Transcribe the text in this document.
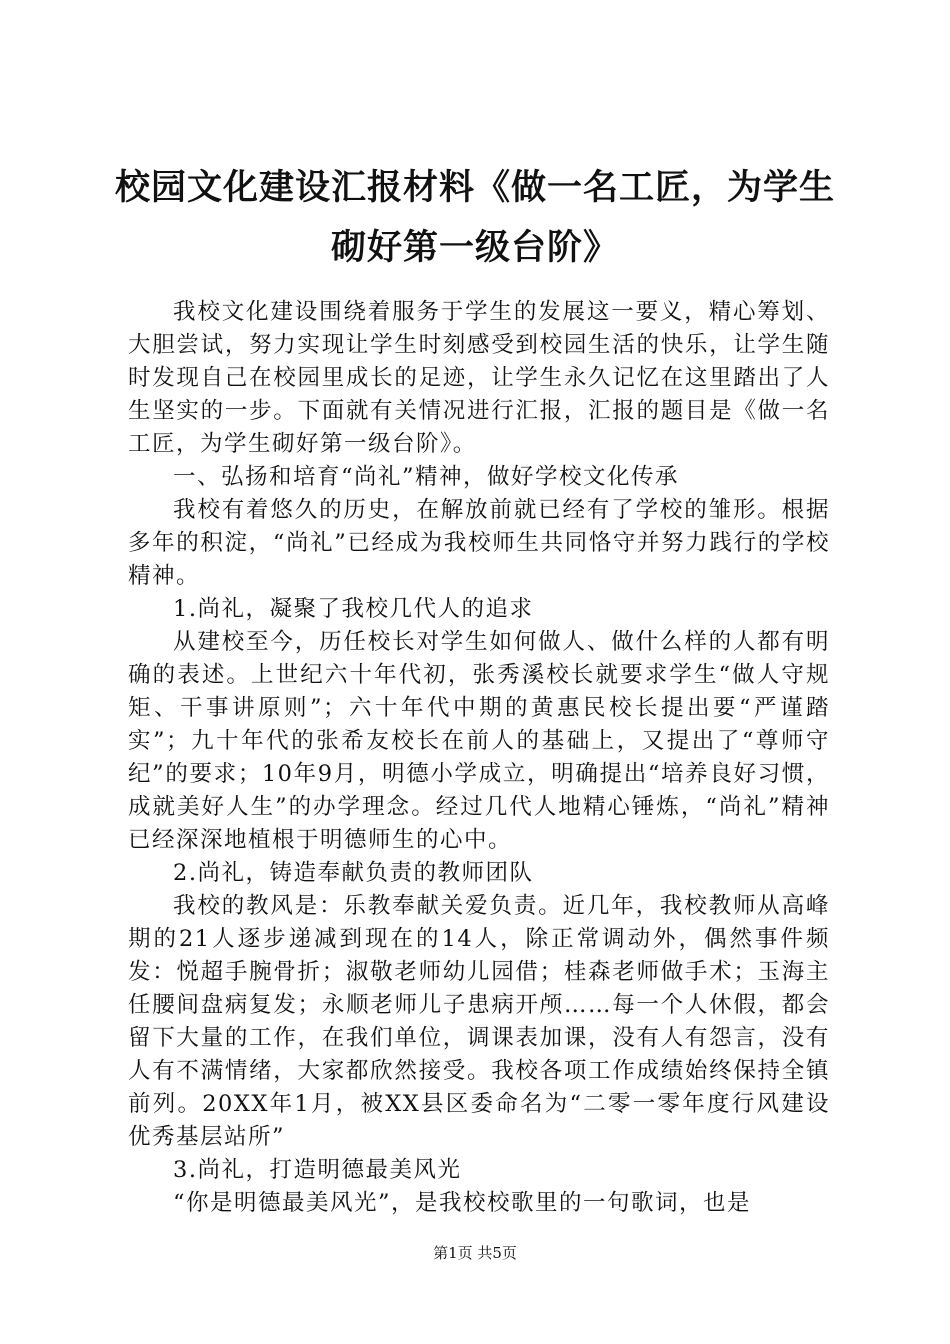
校园文化建设汇报材料《做一名工匠，为学生
砌好第一级台阶》

我校文化建设围绕着服务于学生的发展这一要义，精心筹划、大胆尝试，努力实现让学生时刻感受到校园生活的快乐，让学生随时发现自己在校园里成长的足迹，让学生永久记忆在这里踏出了人生坚实的一步。下面就有关情况进行汇报，汇报的题目是《做一名工匠，为学生砌好第一级台阶》。

一、弘扬和培育“尚礼”精神，做好学校文化传承

我校有着悠久的历史，在解放前就已经有了学校的雏形。根据多年的积淀，“尚礼”已经成为我校师生共同恪守并努力践行的学校精神。

1.尚礼，凝聚了我校几代人的追求

从建校至今，历任校长对学生如何做人、做什么样的人都有明确的表述。上世纪六十年代初，张秀溪校长就要求学生“做人守规矩、干事讲原则”；六十年代中期的黄惠民校长提出要“严谨踏实”；九十年代的张希友校长在前人的基础上，又提出了“尊师守纪”的要求；10年9月，明德小学成立，明确提出“培养良好习惯，成就美好人生”的办学理念。经过几代人地精心锤炼，“尚礼”精神已经深深地植根于明德师生的心中。

2.尚礼，铸造奉献负责的教师团队

我校的教风是：乐教奉献关爱负责。近几年，我校教师从高峰期的21人逐步递减到现在的14人，除正常调动外，偶然事件频发：悦超手腕骨折；淑敬老师幼儿园借；桂森老师做手术；玉海主任腰间盘病复发；永顺老师儿子患病开颅……每一个人休假，都会留下大量的工作，在我们单位，调课表加课，没有人有怨言，没有人有不满情绪，大家都欣然接受。我校各项工作成绩始终保持全镇前列。20XX年1月，被XX县区委命名为“二零一零年度行风建设优秀基层站所”

3.尚礼，打造明德最美风光

“你是明德最美风光”，是我校校歌里的一句歌词，也是

第1页 共5页
